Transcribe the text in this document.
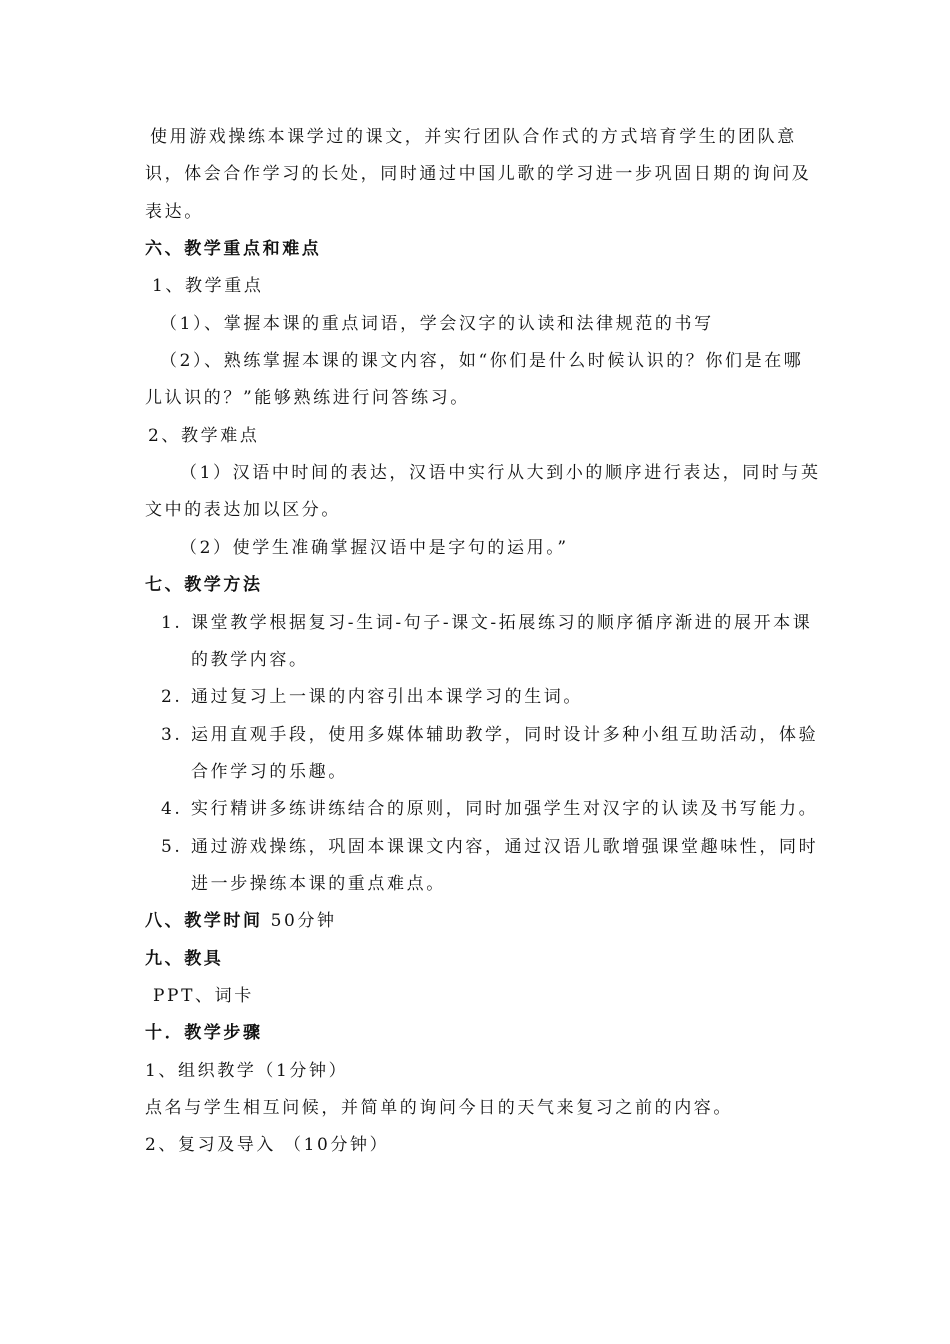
使用游戏操练本课学过的课文，并实行团队合作式的方式培育学生的团队意
识，体会合作学习的长处，同时通过中国儿歌的学习进一步巩固日期的询问及
表达。
六、教学重点和难点
1、教学重点
（1）、掌握本课的重点词语，学会汉字的认读和法律规范的书写
（2）、熟练掌握本课的课文内容，如“你们是什么时候认识的？你们是在哪
儿认识的？”能够熟练进行问答练习。
2、教学难点
（1）汉语中时间的表达，汉语中实行从大到小的顺序进行表达，同时与英
文中的表达加以区分。
（2）使学生准确掌握汉语中是字句的运用。”
七、教学方法
1. 课堂教学根据复习-生词-句子-课文-拓展练习的顺序循序渐进的展开本课
的教学内容。
2. 通过复习上一课的内容引出本课学习的生词。
3. 运用直观手段，使用多媒体辅助教学，同时设计多种小组互助活动，体验
合作学习的乐趣。
4. 实行精讲多练讲练结合的原则，同时加强学生对汉字的认读及书写能力。
5. 通过游戏操练，巩固本课课文内容，通过汉语儿歌增强课堂趣味性，同时
进一步操练本课的重点难点。
八、教学时间 50分钟
九、教具
PPT、词卡
十．教学步骤
1、组织教学（1分钟）
点名与学生相互问候，并简单的询问今日的天气来复习之前的内容。
2、复习及导入 （10分钟）
